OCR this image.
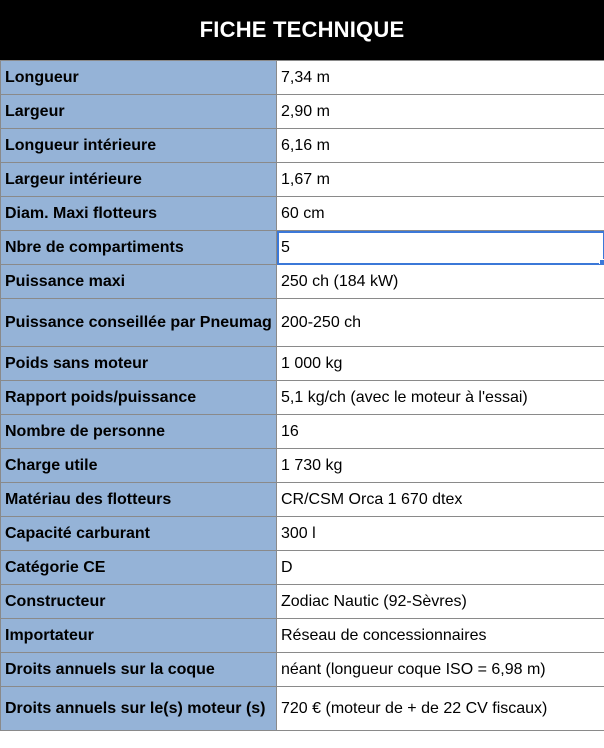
FICHE TECHNIQUE
Longueur	7,34 m
Largeur	2,90 m
Longueur intérieure	6,16 m
Largeur intérieure	1,67 m
Diam. Maxi flotteurs	60 cm
Nbre de compartiments	5

Puissance maxi	250 ch (184 kW)
Puissance conseillée par Pneumag	200-250 ch
Poids sans moteur	1 000 kg
Rapport poids/puissance	5,1 kg/ch (avec le moteur à l'essai)
Nombre de personne	16
Charge utile	1 730 kg
Matériau des flotteurs	CR/CSM Orca 1 670 dtex
Capacité carburant	300 l
Catégorie CE	D
Constructeur	Zodiac Nautic (92-Sèvres)
Importateur	Réseau de concessionnaires
Droits annuels sur la coque	néant (longueur coque ISO = 6,98 m)
Droits annuels sur le(s) moteur (s)	720 € (moteur de + de 22 CV fiscaux)
